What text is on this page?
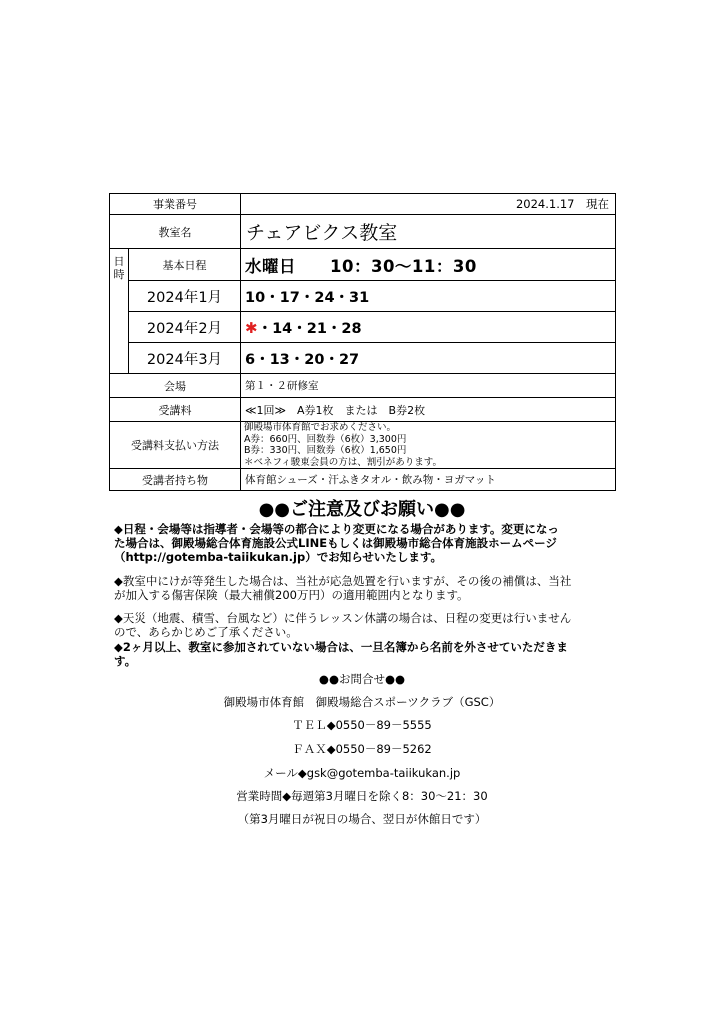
事業番号		2024.1.17　現在
教室名		チェアビクス教室

日
時	基本日程	水曜日　　10：30～11：30
	2024年1月	10・17・24・31
	2024年2月	✱・14・21・28
	2024年3月	6・13・20・27
会場		第１・２研修室
受講料		≪1回≫　A券1枚　または　B券2枚
受講料支払い方法		御殿場市体育館でお求めください。
A券：660円、回数券（6枚）3,300円
B券：330円、回数券（6枚）1,650円
＊ベネフィ駿東会員の方は、割引があります。

受講者持ち物		体育館シューズ・汗ふきタオル・飲み物・ヨガマット
●●ご注意及びお願い●●
◆日程・会場等は指導者・会場等の都合により変更になる場合があります。変更になっ
た場合は、御殿場総合体育施設公式LINEもしくは御殿場市総合体育施設ホームページ
（http://gotemba-taiikukan.jp）でお知らせいたします。
◆教室中にけが等発生した場合は、当社が応急処置を行いますが、その後の補償は、当社
が加入する傷害保険（最大補償200万円）の適用範囲内となります。
◆天災（地震、積雪、台風など）に伴うレッスン休講の場合は、日程の変更は行いません
ので、あらかじめご了承ください。
◆2ヶ月以上、教室に参加されていない場合は、一旦名簿から名前を外させていただきま
す。
●●お問合せ●●
御殿場市体育館　御殿場総合スポーツクラブ（GSC）
ＴＥＬ◆0550－89－5555
ＦＡＸ◆0550－89－5262
メール◆gsk@gotemba-taiikukan.jp
営業時間◆毎週第3月曜日を除く8：30～21：30
（第3月曜日が祝日の場合、翌日が休館日です）
